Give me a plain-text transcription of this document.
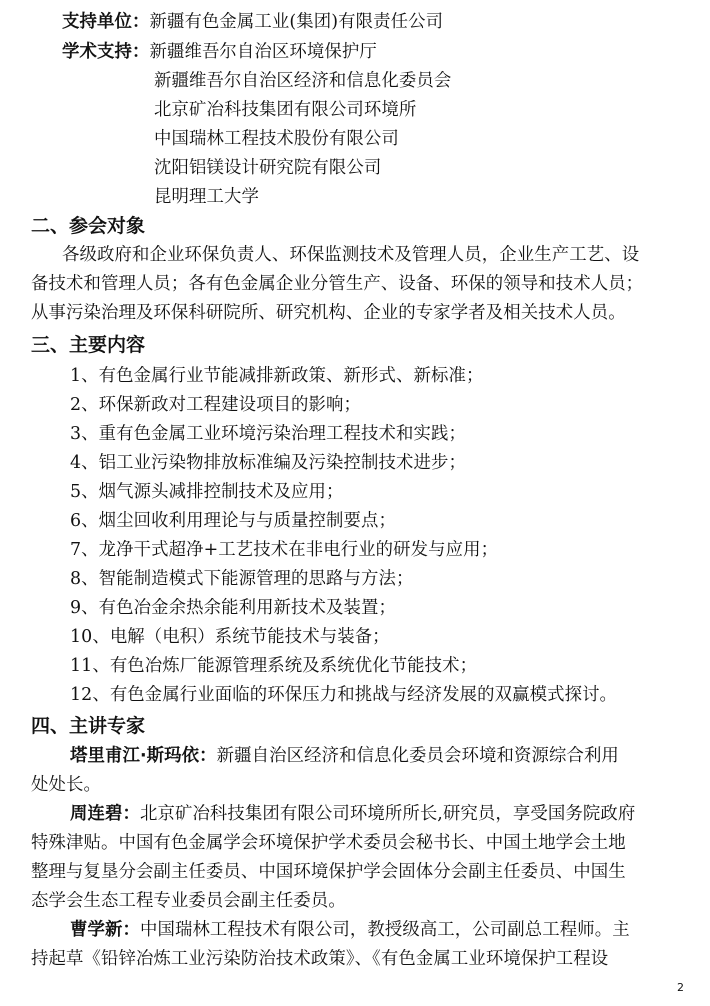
支持单位：新疆有色金属工业(集团)有限责任公司
学术支持：新疆维吾尔自治区环境保护厅
新疆维吾尔自治区经济和信息化委员会
北京矿冶科技集团有限公司环境所
中国瑞林工程技术股份有限公司
沈阳铝镁设计研究院有限公司
昆明理工大学
二、参会对象
各级政府和企业环保负责人、环保监测技术及管理人员，企业生产工艺、设
备技术和管理人员；各有色金属企业分管生产、设备、环保的领导和技术人员；
从事污染治理及环保科研院所、研究机构、企业的专家学者及相关技术人员。
三、主要内容
1、有色金属行业节能减排新政策、新形式、新标准；
2、环保新政对工程建设项目的影响；
3、重有色金属工业环境污染治理工程技术和实践；
4、铝工业污染物排放标准编及污染控制技术进步；
5、烟气源头减排控制技术及应用；
6、烟尘回收利用理论与与质量控制要点；
7、龙净干式超净+工艺技术在非电行业的研发与应用；
8、智能制造模式下能源管理的思路与方法；
9、有色冶金余热余能利用新技术及装置；
10、电解（电积）系统节能技术与装备；
11、有色冶炼厂能源管理系统及系统优化节能技术；
12、有色金属行业面临的环保压力和挑战与经济发展的双赢模式探讨。
四、主讲专家
塔里甫江·斯玛依：新疆自治区经济和信息化委员会环境和资源综合利用
处处长。
周连碧：北京矿冶科技集团有限公司环境所所长,研究员，享受国务院政府
特殊津贴。中国有色金属学会环境保护学术委员会秘书长、中国土地学会土地
整理与复垦分会副主任委员、中国环境保护学会固体分会副主任委员、中国生
态学会生态工程专业委员会副主任委员。
曹学新：中国瑞林工程技术有限公司，教授级高工，公司副总工程师。主
持起草《铅锌冶炼工业污染防治技术政策》、《有色金属工业环境保护工程设
2
